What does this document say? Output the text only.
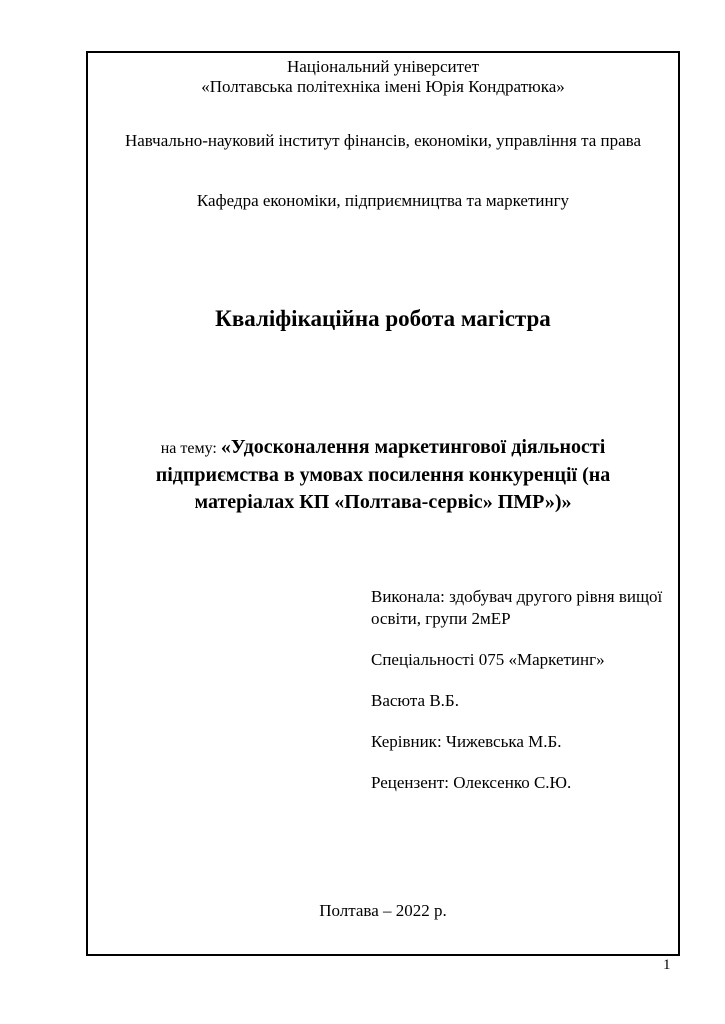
Національний університет
«Полтавська політехніка імені Юрія Кондратюка»
Навчально-науковий інститут фінансів, економіки, управління та права
Кафедра економіки, підприємництва та маркетингу
Кваліфікаційна робота магістра
на тему: «Удосконалення маркетингової діяльності
підприємства в умовах посилення конкуренції (на
матеріалах КП «Полтава-сервіс» ПМР»)»

Виконала: здобувач другого рівня вищої
освіти, групи 2мЕР

Спеціальності 075 «Маркетинг»

Васюта В.Б.

Керівник: Чижевська М.Б.

Рецензент: Олексенко С.Ю.

Полтава – 2022 р.
1
